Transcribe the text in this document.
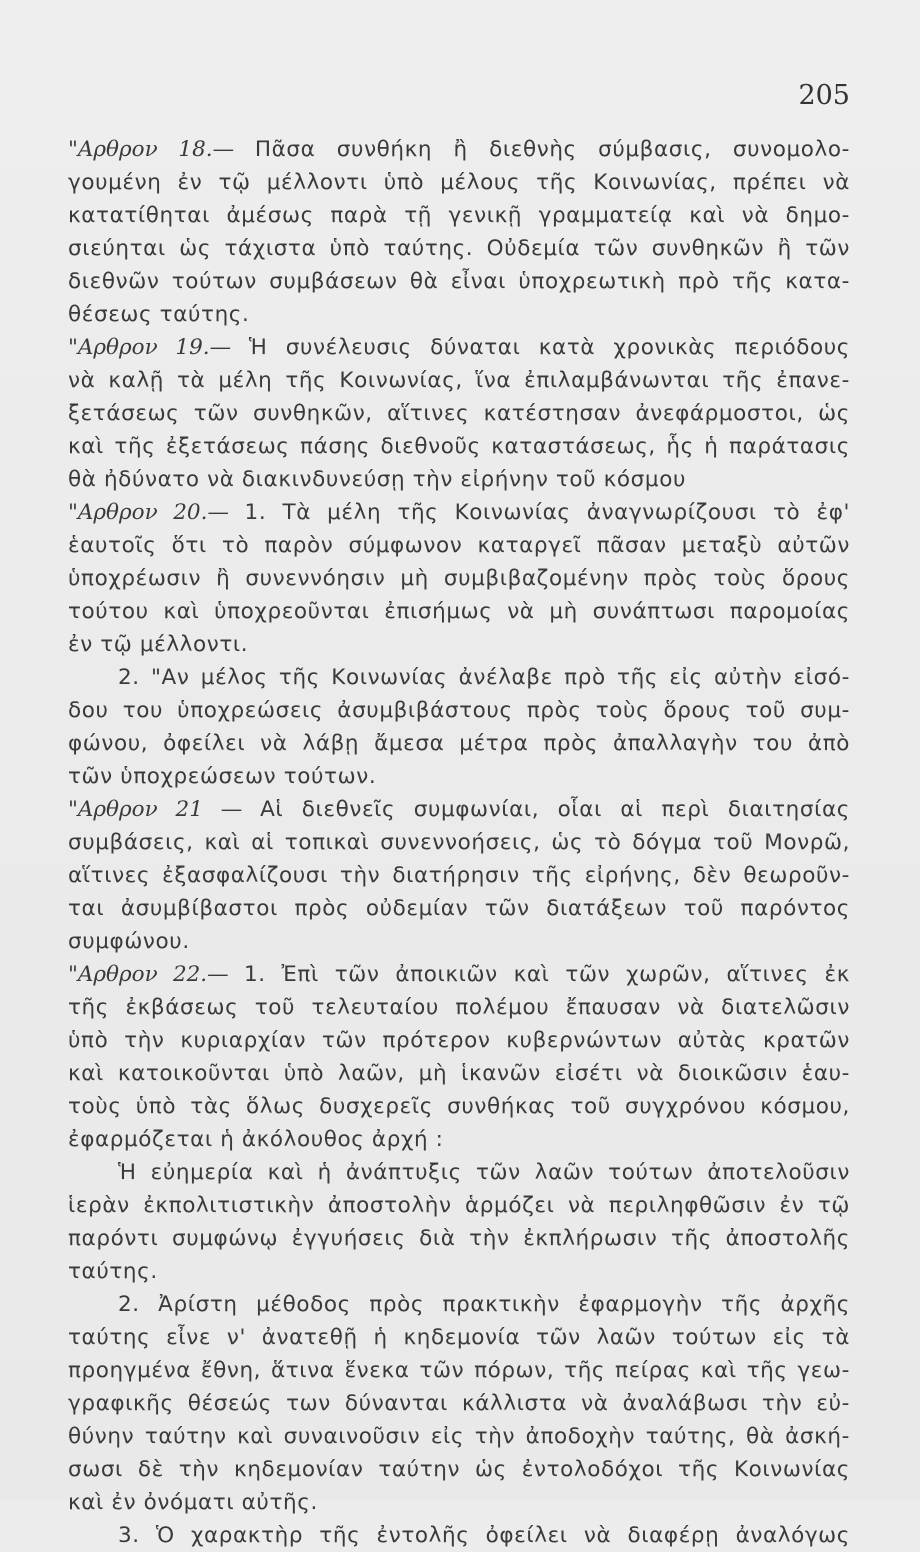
205
"Αρθρον 18.— Πᾶσα συνθήκη ἢ διεθνὴς σύμβασις, συνομολο-
γουμένη ἐν τῷ μέλλοντι ὑπὸ μέλους τῆς Κοινωνίας, πρέπει νὰ
κατατίθηται ἀμέσως παρὰ τῇ γενικῇ γραμματείᾳ καὶ νὰ δημο-
σιεύηται ὡς τάχιστα ὑπὸ ταύτης. Οὐδεμία τῶν συνθηκῶν ἢ τῶν
διεθνῶν τούτων συμβάσεων θὰ εἶναι ὑποχρεωτικὴ πρὸ τῆς κατα-
θέσεως ταύτης.
"Αρθρον 19.— Ἡ συνέλευσις δύναται κατὰ χρονικὰς περιόδους
νὰ καλῇ τὰ μέλη τῆς Κοινωνίας, ἵνα ἐπιλαμβάνωνται τῆς ἐπανε-
ξετάσεως τῶν συνθηκῶν, αἵτινες κατέστησαν ἀνεφάρμοστοι, ὡς
καὶ τῆς ἐξετάσεως πάσης διεθνοῦς καταστάσεως, ἧς ἡ παράτασις
θὰ ἠδύνατο νὰ διακινδυνεύσῃ τὴν εἰρήνην τοῦ κόσμου
"Αρθρον 20.— 1. Τὰ μέλη τῆς Κοινωνίας ἀναγνωρίζουσι τὸ ἐφ'
ἑαυτοῖς ὅτι τὸ παρὸν σύμφωνον καταργεῖ πᾶσαν μεταξὺ αὐτῶν
ὑποχρέωσιν ἢ συνεννόησιν μὴ συμβιβαζομένην πρὸς τοὺς ὅρους
τούτου καὶ ὑποχρεοῦνται ἐπισήμως νὰ μὴ συνάπτωσι παρομοίας
ἐν τῷ μέλλοντι.
2. "Αν μέλος τῆς Κοινωνίας ἀνέλαβε πρὸ τῆς εἰς αὐτὴν εἰσό-
δου του ὑποχρεώσεις ἀσυμβιβάστους πρὸς τοὺς ὅρους τοῦ συμ-
φώνου, ὀφείλει νὰ λάβῃ ἄμεσα μέτρα πρὸς ἀπαλλαγὴν του ἀπὸ
τῶν ὑποχρεώσεων τούτων.
"Αρθρον 21 — Αἱ διεθνεῖς συμφωνίαι, οἷαι αἱ περὶ διαιτησίας
συμβάσεις, καὶ αἱ τοπικαὶ συνεννοήσεις, ὡς τὸ δόγμα τοῦ Μονρῶ,
αἵτινες ἐξασφαλίζουσι τὴν διατήρησιν τῆς εἰρήνης, δὲν θεωροῦν-
ται ἀσυμβίβαστοι πρὸς οὐδεμίαν τῶν διατάξεων τοῦ παρόντος
συμφώνου.
"Αρθρον 22.— 1. Ἐπὶ τῶν ἀποικιῶν καὶ τῶν χωρῶν, αἵτινες ἐκ
τῆς ἐκβάσεως τοῦ τελευταίου πολέμου ἔπαυσαν νὰ διατελῶσιν
ὑπὸ τὴν κυριαρχίαν τῶν πρότερον κυβερνώντων αὐτὰς κρατῶν
καὶ κατοικοῦνται ὑπὸ λαῶν, μὴ ἱκανῶν εἰσέτι νὰ διοικῶσιν ἑαυ-
τοὺς ὑπὸ τὰς ὅλως δυσχερεῖς συνθήκας τοῦ συγχρόνου κόσμου,
ἐφαρμόζεται ἡ ἀκόλουθος ἀρχή :
Ἡ εὐημερία καὶ ἡ ἀνάπτυξις τῶν λαῶν τούτων ἀποτελοῦσιν
ἱερὰν ἐκπολιτιστικὴν ἀποστολὴν ἁρμόζει νὰ περιληφθῶσιν ἐν τῷ
παρόντι συμφώνῳ ἐγγυήσεις διὰ τὴν ἐκπλήρωσιν τῆς ἀποστολῆς
ταύτης.
2. Ἀρίστη μέθοδος πρὸς πρακτικὴν ἐφαρμογὴν τῆς ἀρχῆς
ταύτης εἶνε ν' ἀνατεθῇ ἡ κηδεμονία τῶν λαῶν τούτων εἰς τὰ
προηγμένα ἔθνη, ἅτινα ἕνεκα τῶν πόρων, τῆς πείρας καὶ τῆς γεω-
γραφικῆς θέσεώς των δύνανται κάλλιστα νὰ ἀναλάβωσι τὴν εὐ-
θύνην ταύτην καὶ συναινοῦσιν εἰς τὴν ἀποδοχὴν ταύτης, θὰ ἀσκή-
σωσι δὲ τὴν κηδεμονίαν ταύτην ὡς ἐντολοδόχοι τῆς Κοινωνίας
καὶ ἐν ὀνόματι αὐτῆς.
3. Ὁ χαρακτὴρ τῆς ἐντολῆς ὀφείλει νὰ διαφέρῃ ἀναλόγως
